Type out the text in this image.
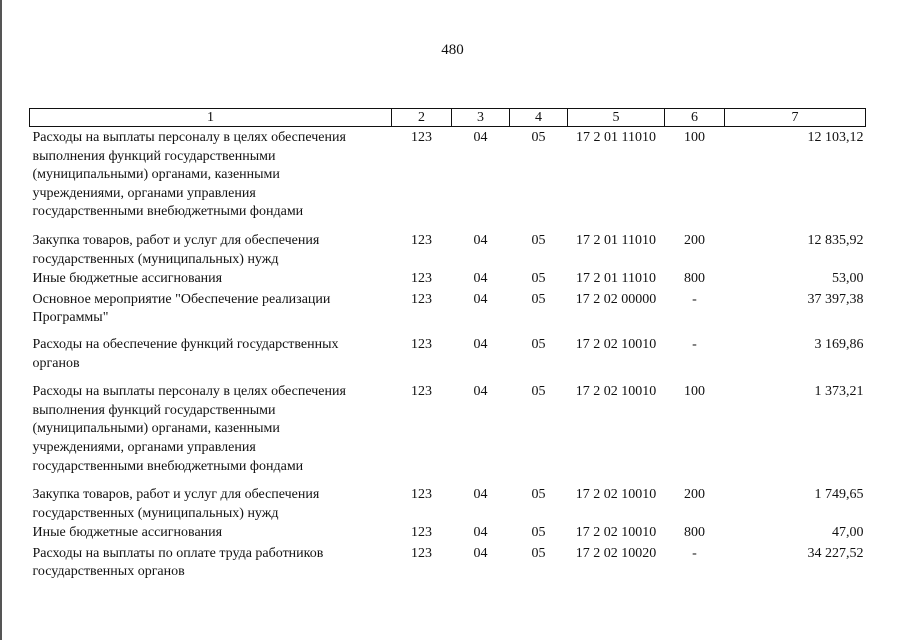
480
1	2	3	4	5	6	7

Расходы на выплаты персоналу в целях обеспечения
выполнения функций государственными
(муниципальными) органами, казенными
учреждениями, органами управления
государственными внебюджетными фондами	123	04	05	17 2 01 11010	100	12 103,12

Закупка товаров, работ и услуг для обеспечения
государственных (муниципальных) нужд	123	04	05	17 2 01 11010	200	12 835,92

Иные бюджетные ассигнования	123	04	05	17 2 01 11010	800	53,00

Основное мероприятие "Обеспечение реализации
Программы"	123	04	05	17 2 02 00000	-	37 397,38

Расходы на обеспечение функций государственных
органов	123	04	05	17 2 02 10010	-	3 169,86

Расходы на выплаты персоналу в целях обеспечения
выполнения функций государственными
(муниципальными) органами, казенными
учреждениями, органами управления
государственными внебюджетными фондами	123	04	05	17 2 02 10010	100	1 373,21

Закупка товаров, работ и услуг для обеспечения
государственных (муниципальных) нужд	123	04	05	17 2 02 10010	200	1 749,65

Иные бюджетные ассигнования	123	04	05	17 2 02 10010	800	47,00

Расходы на выплаты по оплате труда работников
государственных органов	123	04	05	17 2 02 10020	-	34 227,52
